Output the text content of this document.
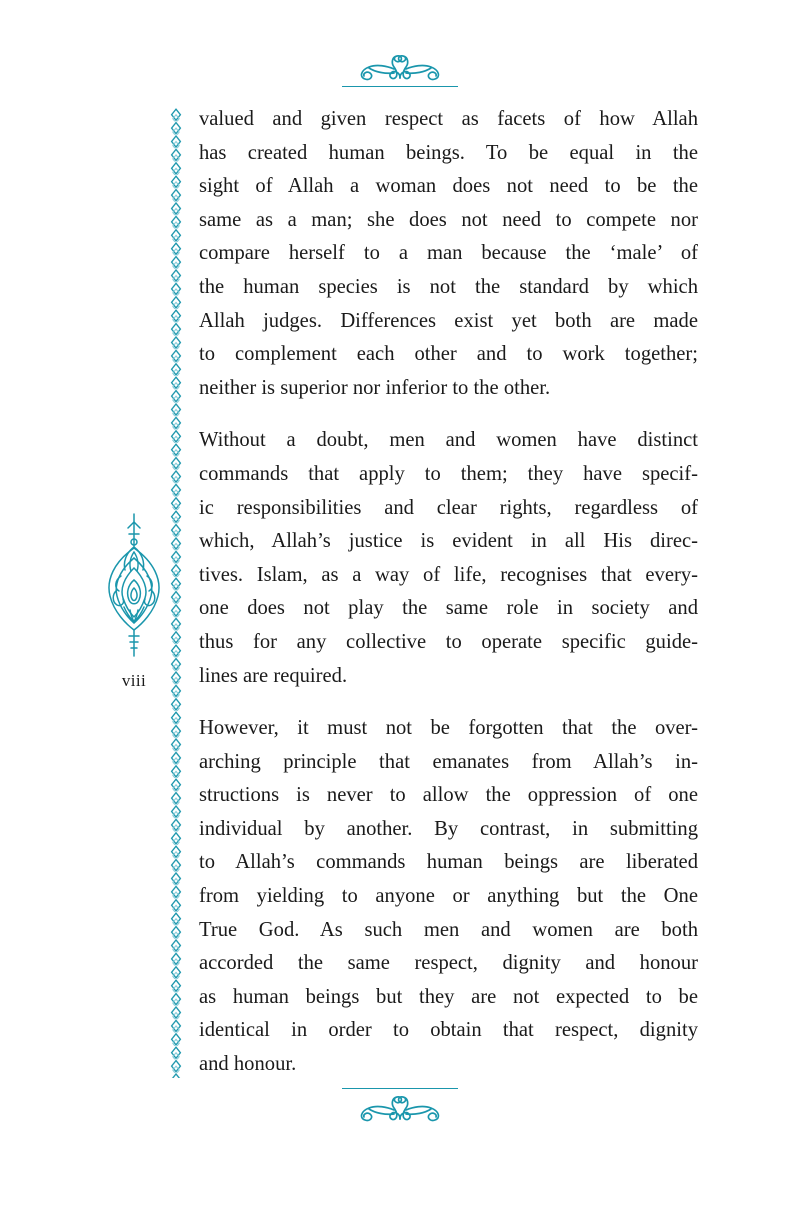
viii

valued and given respect as facets of how Allah
has created human beings. To be equal in the
sight of Allah a woman does not need to be the
same as a man; she does not need to compete nor
compare herself to a man because the ‘male’ of
the human species is not the standard by which
Allah judges. Differences exist yet both are made
to complement each other and to work together;
neither is superior nor inferior to the other.

Without a doubt, men and women have distinct
commands that apply to them; they have specif-
ic responsibilities and clear rights, regardless of
which, Allah’s justice is evident in all His direc-
tives. Islam, as a way of life, recognises that every-
one does not play the same role in society and
thus for any collective to operate specific guide-
lines are required.

However, it must not be forgotten that the over-
arching principle that emanates from Allah’s in-
structions is never to allow the oppression of one
individual by another. By contrast, in submitting
to Allah’s commands human beings are liberated
from yielding to anyone or anything but the One
True God. As such men and women are both
accorded the same respect, dignity and honour
as human beings but they are not expected to be
identical in order to obtain that respect, dignity
and honour.
